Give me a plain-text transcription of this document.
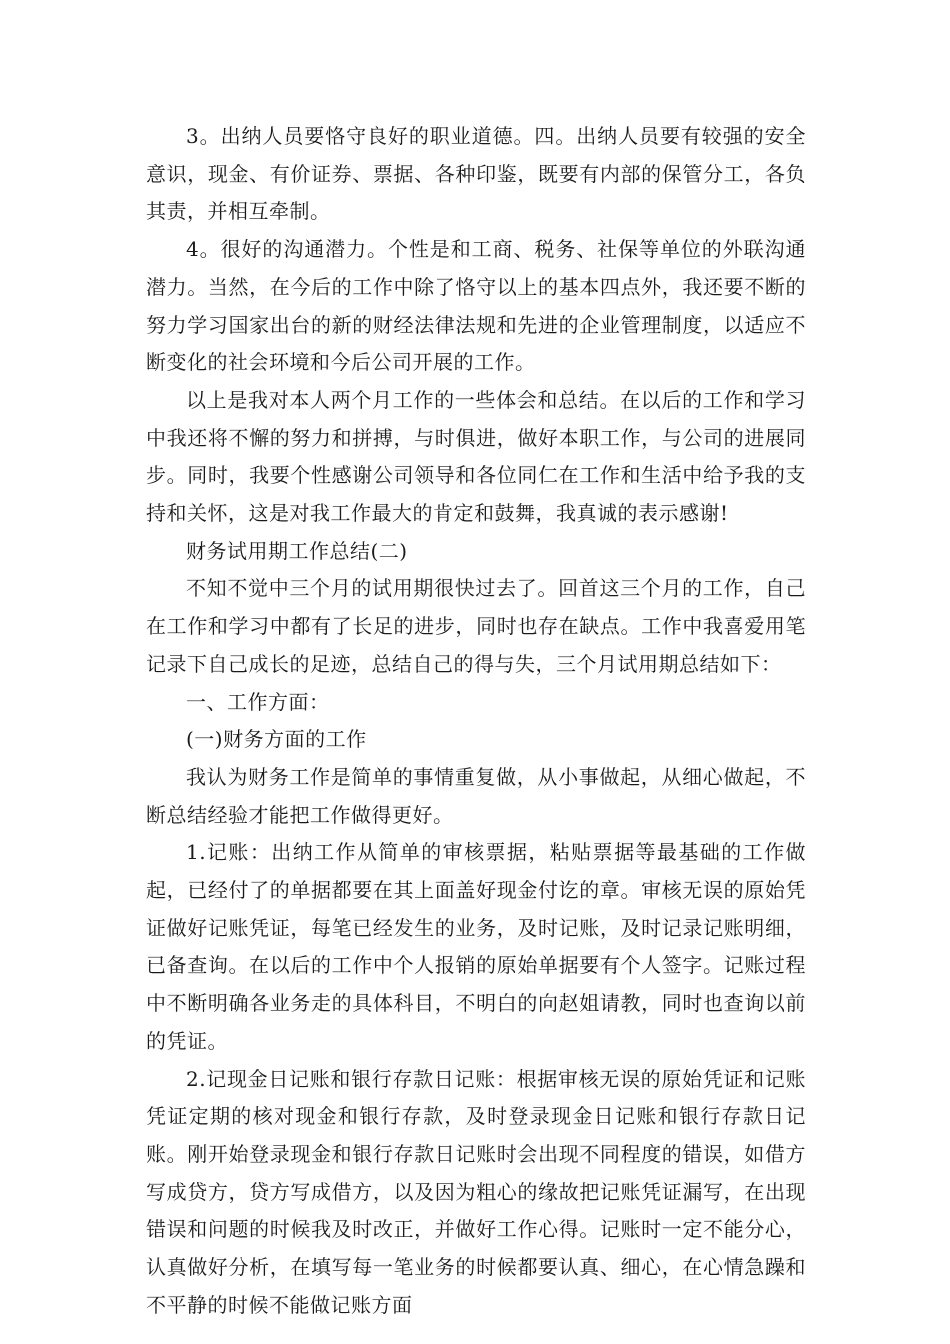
3。出纳人员要恪守良好的职业道德。四。出纳人员要有较强的安全意识，现金、有价证券、票据、各种印鉴，既要有内部的保管分工，各负其责，并相互牵制。

4。很好的沟通潜力。个性是和工商、税务、社保等单位的外联沟通潜力。当然，在今后的工作中除了恪守以上的基本四点外，我还要不断的努力学习国家出台的新的财经法律法规和先进的企业管理制度，以适应不断变化的社会环境和今后公司开展的工作。

以上是我对本人两个月工作的一些体会和总结。在以后的工作和学习中我还将不懈的努力和拼搏，与时俱进，做好本职工作，与公司的进展同步。同时，我要个性感谢公司领导和各位同仁在工作和生活中给予我的支持和关怀，这是对我工作最大的肯定和鼓舞，我真诚的表示感谢!

财务试用期工作总结(二)

不知不觉中三个月的试用期很快过去了。回首这三个月的工作，自己在工作和学习中都有了长足的进步，同时也存在缺点。工作中我喜爱用笔记录下自己成长的足迹，总结自己的得与失，三个月试用期总结如下：

一、工作方面：

(一)财务方面的工作

我认为财务工作是简单的事情重复做，从小事做起，从细心做起，不断总结经验才能把工作做得更好。

1.记账：出纳工作从简单的审核票据，粘贴票据等最基础的工作做起，已经付了的单据都要在其上面盖好现金付讫的章。审核无误的原始凭证做好记账凭证，每笔已经发生的业务，及时记账，及时记录记账明细，已备查询。在以后的工作中个人报销的原始单据要有个人签字。记账过程中不断明确各业务走的具体科目，不明白的向赵姐请教，同时也查询以前的凭证。

2.记现金日记账和银行存款日记账：根据审核无误的原始凭证和记账凭证定期的核对现金和银行存款，及时登录现金日记账和银行存款日记账。刚开始登录现金和银行存款日记账时会出现不同程度的错误，如借方写成贷方，贷方写成借方，以及因为粗心的缘故把记账凭证漏写，在出现错误和问题的时候我及时改正，并做好工作心得。记账时一定不能分心，认真做好分析，在填写每一笔业务的时候都要认真、细心，在心情急躁和不平静的时候不能做记账方面
